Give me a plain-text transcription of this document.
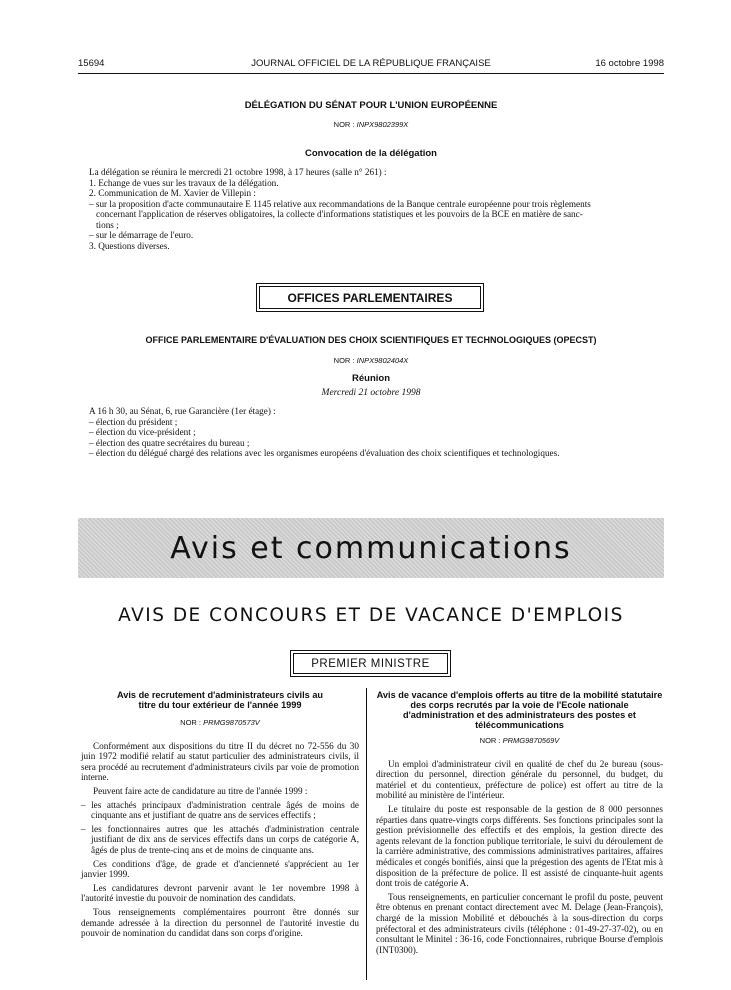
15694	JOURNAL OFFICIEL DE LA RÉPUBLIQUE FRANÇAISE	16 octobre 1998
DÉLÉGATION DU SÉNAT POUR L'UNION EUROPÉENNE
NOR : INPX9802399X
Convocation de la délégation
La délégation se réunira le mercredi 21 octobre 1998, à 17 heures (salle n° 261) :
1. Echange de vues sur les travaux de la délégation.
2. Communication de M. Xavier de Villepin :
– sur la proposition d'acte communautaire E 1145 relative aux recommandations de la Banque centrale européenne pour trois règlements
concernant l'application de réserves obligatoires, la collecte d'informations statistiques et les pouvoirs de la BCE en matière de sanc-
tions ;
– sur le démarrage de l'euro.
3. Questions diverses.
OFFICES PARLEMENTAIRES
OFFICE PARLEMENTAIRE D'ÉVALUATION DES CHOIX SCIENTIFIQUES ET TECHNOLOGIQUES (OPECST)
NOR : INPX9802404X
Réunion
Mercredi 21 octobre 1998
A 16 h 30, au Sénat, 6, rue Garancière (1er étage) :
– élection du président ;
– élection du vice-président ;
– élection des quatre secrétaires du bureau ;
– élection du délégué chargé des relations avec les organismes européens d'évaluation des choix scientifiques et technologiques.
Avis et communications
AVIS DE CONCOURS ET DE VACANCE D'EMPLOIS
PREMIER MINISTRE
Avis de recrutement d'administrateurs civils au titre du tour extérieur de l'année 1999
NOR : PRMG9870573V

Conformément aux dispositions du titre II du décret no 72-556 du 30 juin 1972 modifié relatif au statut particulier des administrateurs civils, il sera procédé au recrutement d'administrateurs civils par voie de promotion interne.

Peuvent faire acte de candidature au titre de l'année 1999 :

– les attachés principaux d'administration centrale âgés de moins de cinquante ans et justifiant de quatre ans de services effectifs ;

– les fonctionnaires autres que les attachés d'administration centrale justifiant de dix ans de services effectifs dans un corps de catégorie A, âgés de plus de trente-cinq ans et de moins de cinquante ans.

Ces conditions d'âge, de grade et d'ancienneté s'apprécient au 1er janvier 1999.

Les candidatures devront parvenir avant le 1er novembre 1998 à l'autorité investie du pouvoir de nomination des candidats.

Tous renseignements complémentaires pourront être donnés sur demande adressée à la direction du personnel de l'autorité investie du pouvoir de nomination du candidat dans son corps d'origine.

Avis de vacance d'emplois offerts au titre de la mobilité statutaire des corps recrutés par la voie de l'Ecole nationale d'administration et des administrateurs des postes et télécommunications
NOR : PRMG9870569V

Un emploi d'administrateur civil en qualité de chef du 2e bureau (sous-direction du personnel, direction générale du personnel, du budget, du matériel et du contentieux, préfecture de police) est offert au titre de la mobilité au ministère de l'intérieur.

Le titulaire du poste est responsable de la gestion de 8 000 personnes réparties dans quatre-vingts corps différents. Ses fonctions principales sont la gestion prévisionnelle des effectifs et des emplois, la gestion directe des agents relevant de la fonction publique territoriale, le suivi du déroulement de la carrière administrative, des commissions administratives paritaires, affaires médicales et congés bonifiés, ainsi que la prégestion des agents de l'Etat mis à disposition de la préfecture de police. Il est assisté de cinquante-huit agents dont trois de catégorie A.

Tous renseignements, en particulier concernant le profil du poste, peuvent être obtenus en prenant contact directement avec M. Delage (Jean-François), chargé de la mission Mobilité et débouchés à la sous-direction du corps préfectoral et des administrateurs civils (téléphone : 01-49-27-37-02), ou en consultant le Minitel : 36-16, code Fonctionnaires, rubrique Bourse d'emplois (INT0300).
